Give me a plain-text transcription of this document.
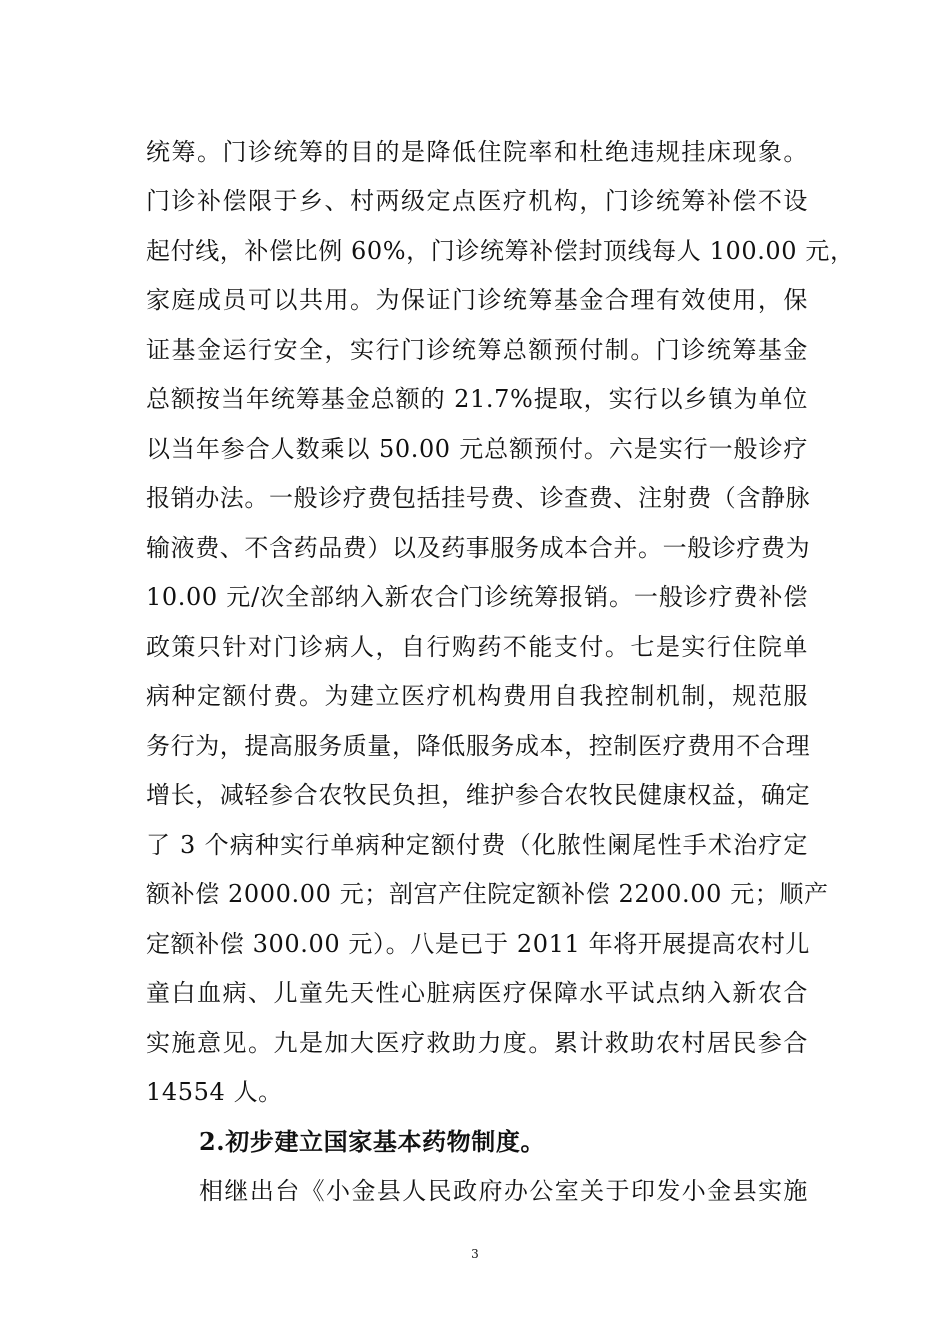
统筹。门诊统筹的目的是降低住院率和杜绝违规挂床现象。
门诊补偿限于乡、村两级定点医疗机构，门诊统筹补偿不设
起付线，补偿比例 60%，门诊统筹补偿封顶线每人 100.00 元，
家庭成员可以共用。为保证门诊统筹基金合理有效使用，保
证基金运行安全，实行门诊统筹总额预付制。门诊统筹基金
总额按当年统筹基金总额的 21.7%提取，实行以乡镇为单位
以当年参合人数乘以 50.00 元总额预付。六是实行一般诊疗
报销办法。一般诊疗费包括挂号费、诊查费、注射费（含静脉
输液费、不含药品费）以及药事服务成本合并。一般诊疗费为
10.00 元/次全部纳入新农合门诊统筹报销。一般诊疗费补偿
政策只针对门诊病人，自行购药不能支付。七是实行住院单
病种定额付费。为建立医疗机构费用自我控制机制，规范服
务行为，提高服务质量，降低服务成本，控制医疗费用不合理
增长，减轻参合农牧民负担，维护参合农牧民健康权益，确定
了 3 个病种实行单病种定额付费（化脓性阑尾性手术治疗定
额补偿 2000.00 元；剖宫产住院定额补偿 2200.00 元；顺产
定额补偿 300.00 元）。八是已于 2011 年将开展提高农村儿
童白血病、儿童先天性心脏病医疗保障水平试点纳入新农合
实施意见。九是加大医疗救助力度。累计救助农村居民参合
14554 人。
2.初步建立国家基本药物制度。
相继出台《小金县人民政府办公室关于印发小金县实施
3
